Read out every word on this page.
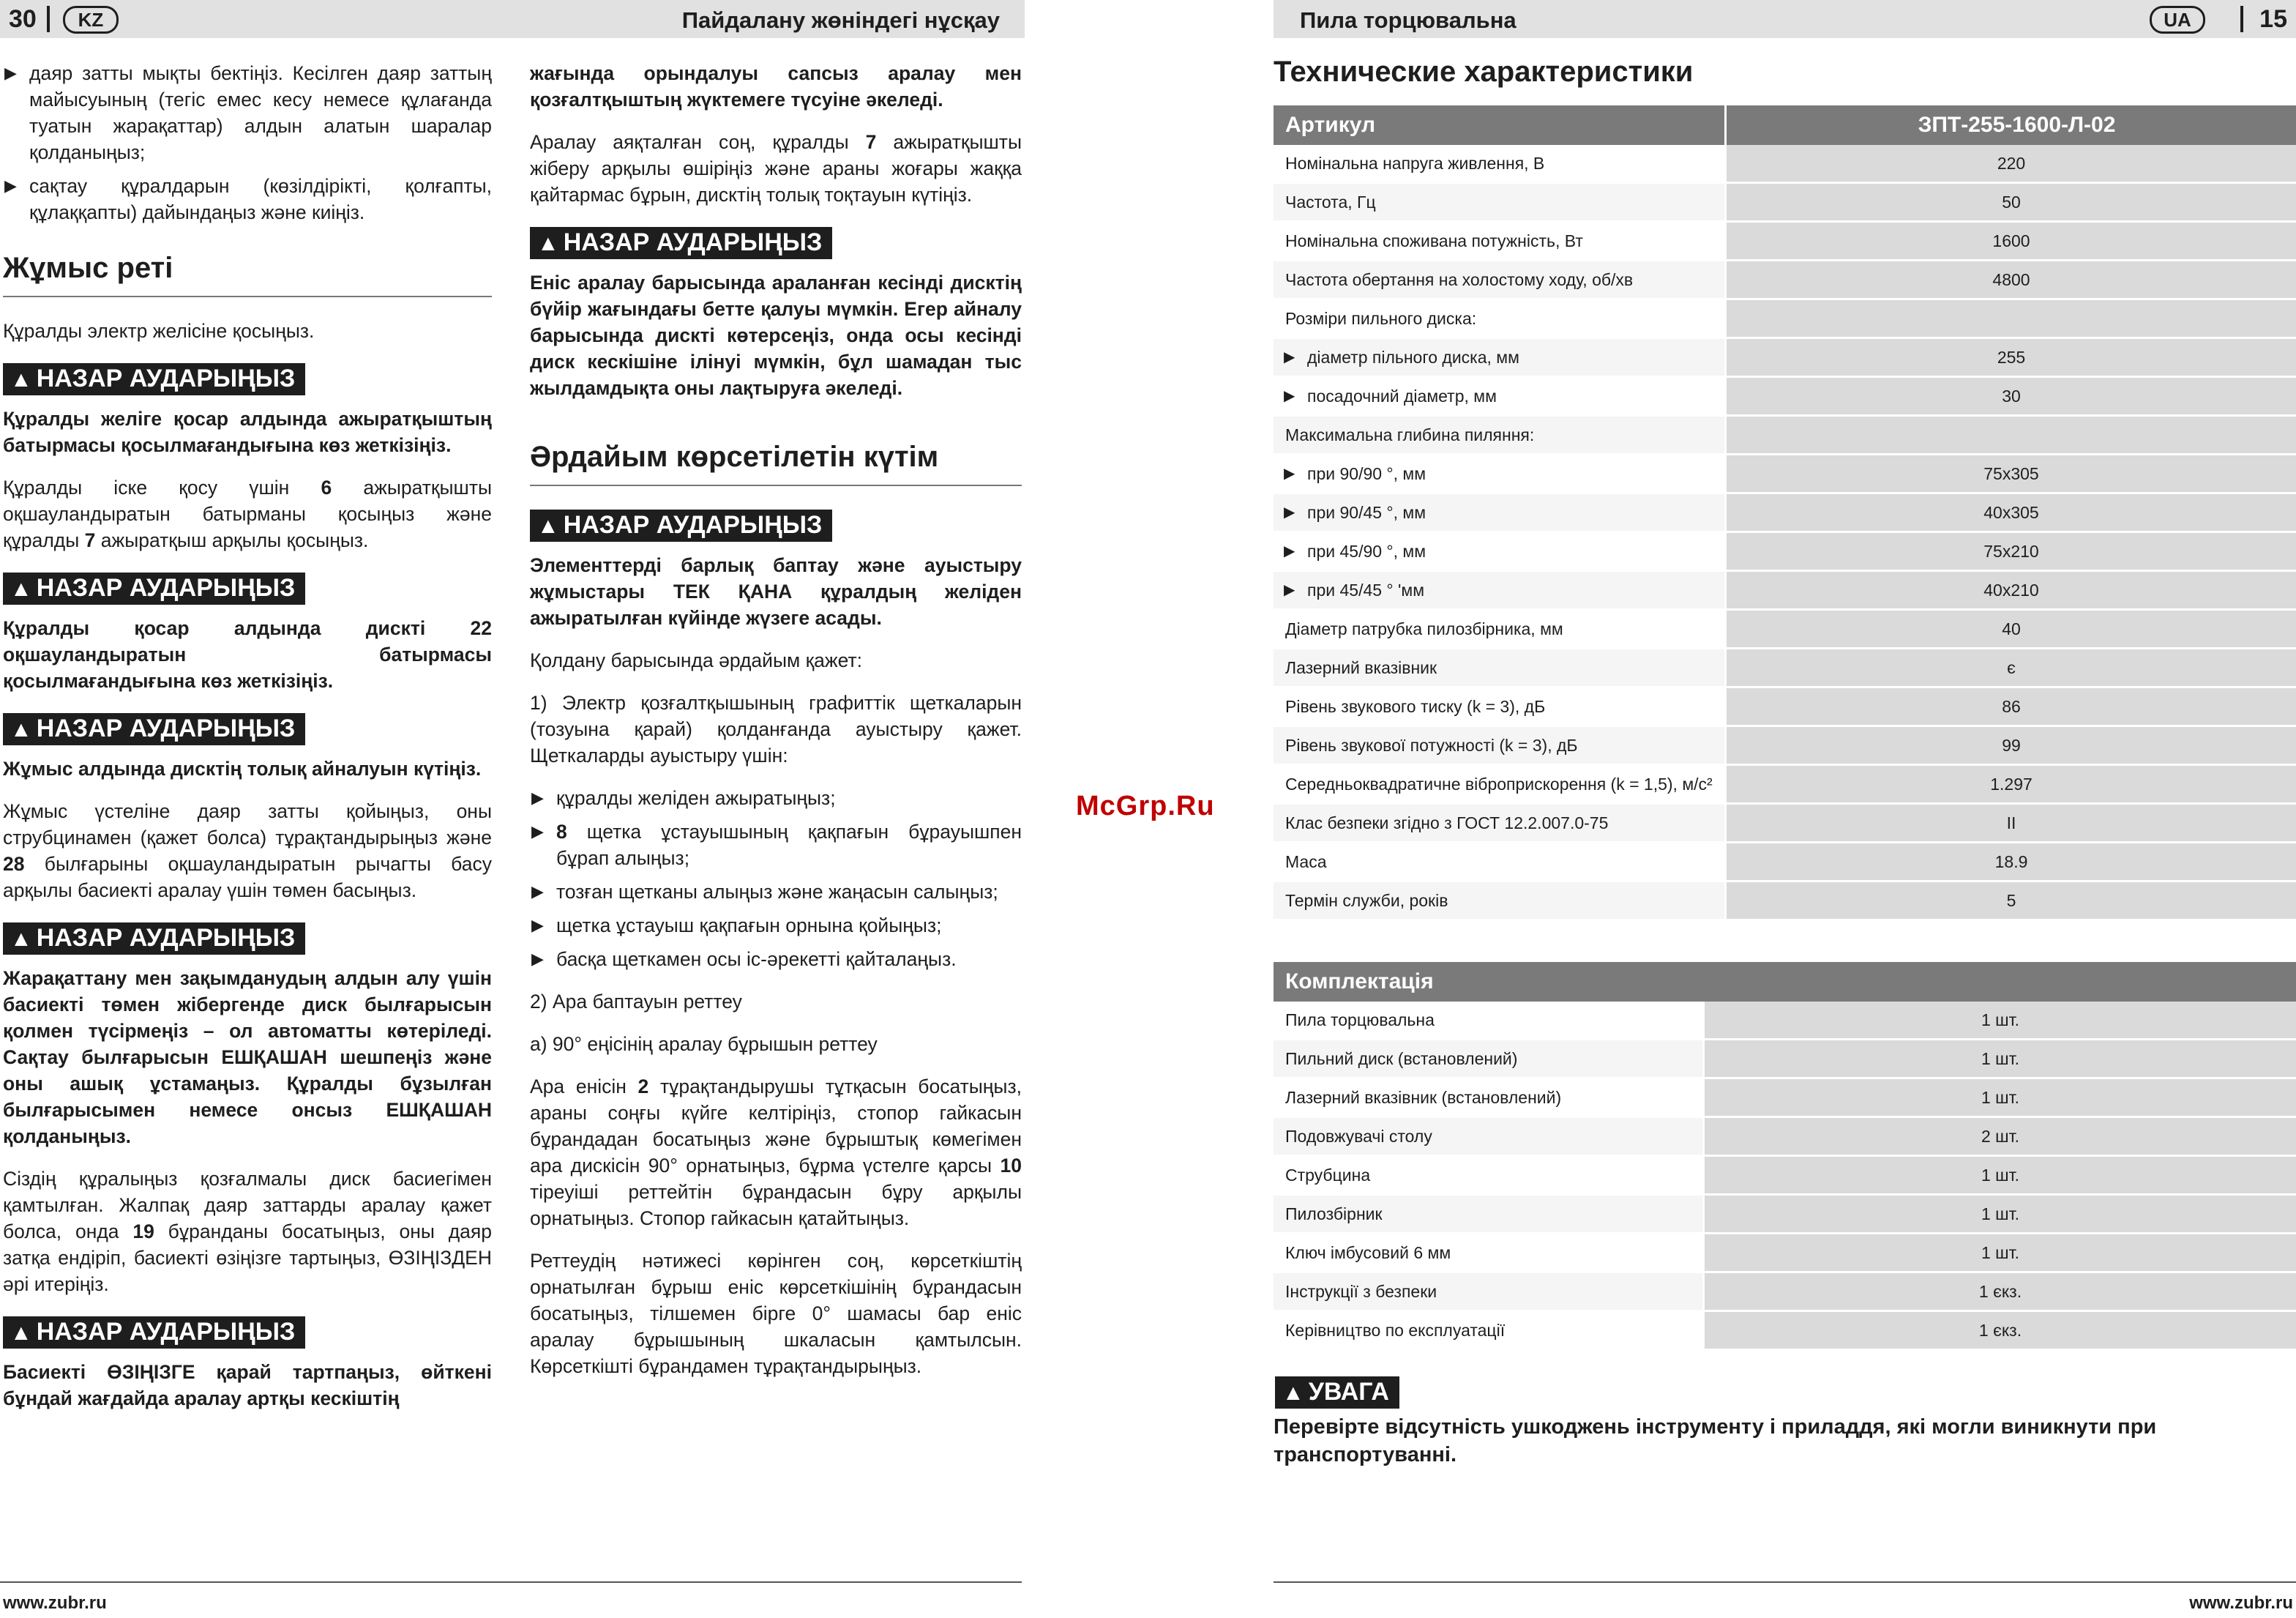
30	KZ	Пайдалану жөніндегі нұсқау
▶ даяр затты мықты бектіңіз. Кесілген даяр заттың майысуының (тегіс емес кесу немесе құлағанда туатын жарақаттар) алдын алатын шаралар қолданыңыз;
▶ сақтау құралдарын (көзілдірікті, қолғапты, құлаққапты) дайындаңыз және киіңіз.
Жұмыс реті

Құралды электр желісіне қосыңыз.

▲ НАЗАР АУДАРЫҢЫЗ

Құралды желіге қосар алдында ажыратқыштың батырмасы қосылмағандығына көз жеткізіңіз.

Құралды іске қосу үшін 6 ажыратқышты оқшауландыратын батырманы қосыңыз және құралды 7 ажыратқыш арқылы қосыңыз.

▲ НАЗАР АУДАРЫҢЫЗ

Құралды қосар алдында дискті 22 оқшауландыратын батырмасы қосылмағандығына көз жеткізіңіз.

▲ НАЗАР АУДАРЫҢЫЗ

Жұмыс алдында дисктің толық айналуын күтіңіз.

Жұмыс үстеліне даяр затты қойыңыз, оны струбцинамен (қажет болса) тұрақтандырыңыз және 28 былғарыны оқшауландыратын рычагты басу арқылы басиекті аралау үшін төмен басыңыз.

▲ НАЗАР АУДАРЫҢЫЗ

Жарақаттану мен зақымданудың алдын алу үшін басиекті төмен жібергенде диск былғарысын қолмен түсірмеңіз – ол автоматты көтеріледі. Сақтау былғарысын ЕШҚАШАН шешпеңіз және оны ашық ұстамаңыз. Құралды бұзылған былғарысымен немесе онсыз ЕШҚАШАН қолданыңыз.

Сіздің құралыңыз қозғалмалы диск басиегімен қамтылған. Жалпақ даяр заттарды аралау қажет болса, онда 19 бұранданы босатыңыз, оны даяр затқа ендіріп, басиекті өзіңізге тартыңыз, ӨЗІҢІЗДЕН әрі итеріңіз.

▲ НАЗАР АУДАРЫҢЫЗ

Басиекті ӨЗІҢІЗГЕ қарай тартпаңыз, өйткені бұндай жағдайда аралау артқы кескіштің

жағында орындалуы сапсыз аралау мен қозғалтқыштың жүктемеге түсуіне әкеледі.

Аралау аяқталған соң, құралды 7 ажыратқышты жіберу арқылы өшіріңіз және араны жоғары жаққа қайтармас бұрын, дисктің толық тоқтауын күтіңіз.

▲ НАЗАР АУДАРЫҢЫЗ

Еніс аралау барысында араланған кесінді дисктің бүйір жағындағы бетте қалуы мүмкін. Егер айналу барысында дискті көтерсеңіз, онда осы кесінді диск кескішіне ілінуі мүмкін, бұл шамадан тыс жылдамдықта оны лақтыруға әкеледі.

Әрдайым көрсетілетін күтім
▲ НАЗАР АУДАРЫҢЫЗ

Элементтерді барлық баптау және ауыстыру жұмыстары ТЕК ҚАНА құралдың желіден ажыратылған күйінде жүзеге асады.

Қолдану барысында әрдайым қажет:

1) Электр қозғалтқышының графиттік щеткаларын (тозуына қарай) қолданғанда ауыстыру қажет. Щеткаларды ауыстыру үшін:

▶ құралды желіден ажыратыңыз;
▶ 8 щетка ұстауышының қақпағын бұрауышпен бұрап алыңыз;
▶ тозған щетканы алыңыз және жаңасын салыңыз;
▶ щетка ұстауыш қақпағын орнына қойыңыз;
▶ басқа щеткамен осы іс-әрекетті қайталаңыз.

2) Ара баптауын реттеу

а) 90° еңісінің аралау бұрышын реттеу

Ара енісін 2 тұрақтандырушы тұтқасын босатыңыз, араны соңғы күйге келтіріңіз, стопор гайкасын бұрандадан босатыңыз және бұрыштық көмегімен ара дискісін 90° орнатыңыз, бұрма үстелге қарсы 10 тіреуіші реттейтін бұрандасын бұру арқылы орнатыңыз. Стопор гайкасын қатайтыңыз.

Реттеудің нәтижесі көрінген соң, көрсеткіштің орнатылған бұрыш еніс көрсеткішінің бұрандасын босатыңыз, тілшемен бірге 0° шамасы бар еніс аралау бұрышының шкаласын қамтылсын. Көрсеткішті бұрандамен тұрақтандырыңыз.

www.zubr.ru
McGrp.Ru
Пила торцювальна	UA	15
Технические характеристики
Артикул	ЗПТ-255-1600-Л-02
Номінальна напруга живлення, В	220
Частота, Гц	50
Номінальна споживана потужність, Вт	1600
Частота обертання на холостому ходу, об/хв	4800
Розміри пильного диска:	

▶ діаметр пільного диска, мм	255

▶ посадочний діаметр, мм	30
Максимальна глибина пиляння:	

▶ при 90/90 °, мм	75x305

▶ при 90/45 °, мм	40x305

▶ при 45/90 °, мм	75x210

▶ при 45/45 ° 'мм	40x210
Діаметр патрубка пилозбірника, мм	40
Лазерний вказівник	є
Рівень звукового тиску (k = 3), дБ	86
Рівень звукової потужності (k = 3), дБ	99
Середньоквадратичне віброприскорення (k = 1,5), м/с²	1.297
Клас безпеки згідно з ГОСТ 12.2.007.0-75	II
Маса	18.9
Термін служби, років	5
Комплектація	
Пила торцювальна	1 шт.
Пильний диск (встановлений)	1 шт.
Лазерний вказівник (встановлений)	1 шт.
Подовжувачі столу	2 шт.
Струбцина	1 шт.
Пилозбірник	1 шт.
Ключ імбусовий 6 мм	1 шт.
Інструкції з безпеки	1 єкз.
Керівництво по експлуатації	1 єкз.
▲ УВАГА
Перевірте відсутність ушкоджень інструменту і приладдя, які могли виникнути при транспортуванні.
www.zubr.ru
